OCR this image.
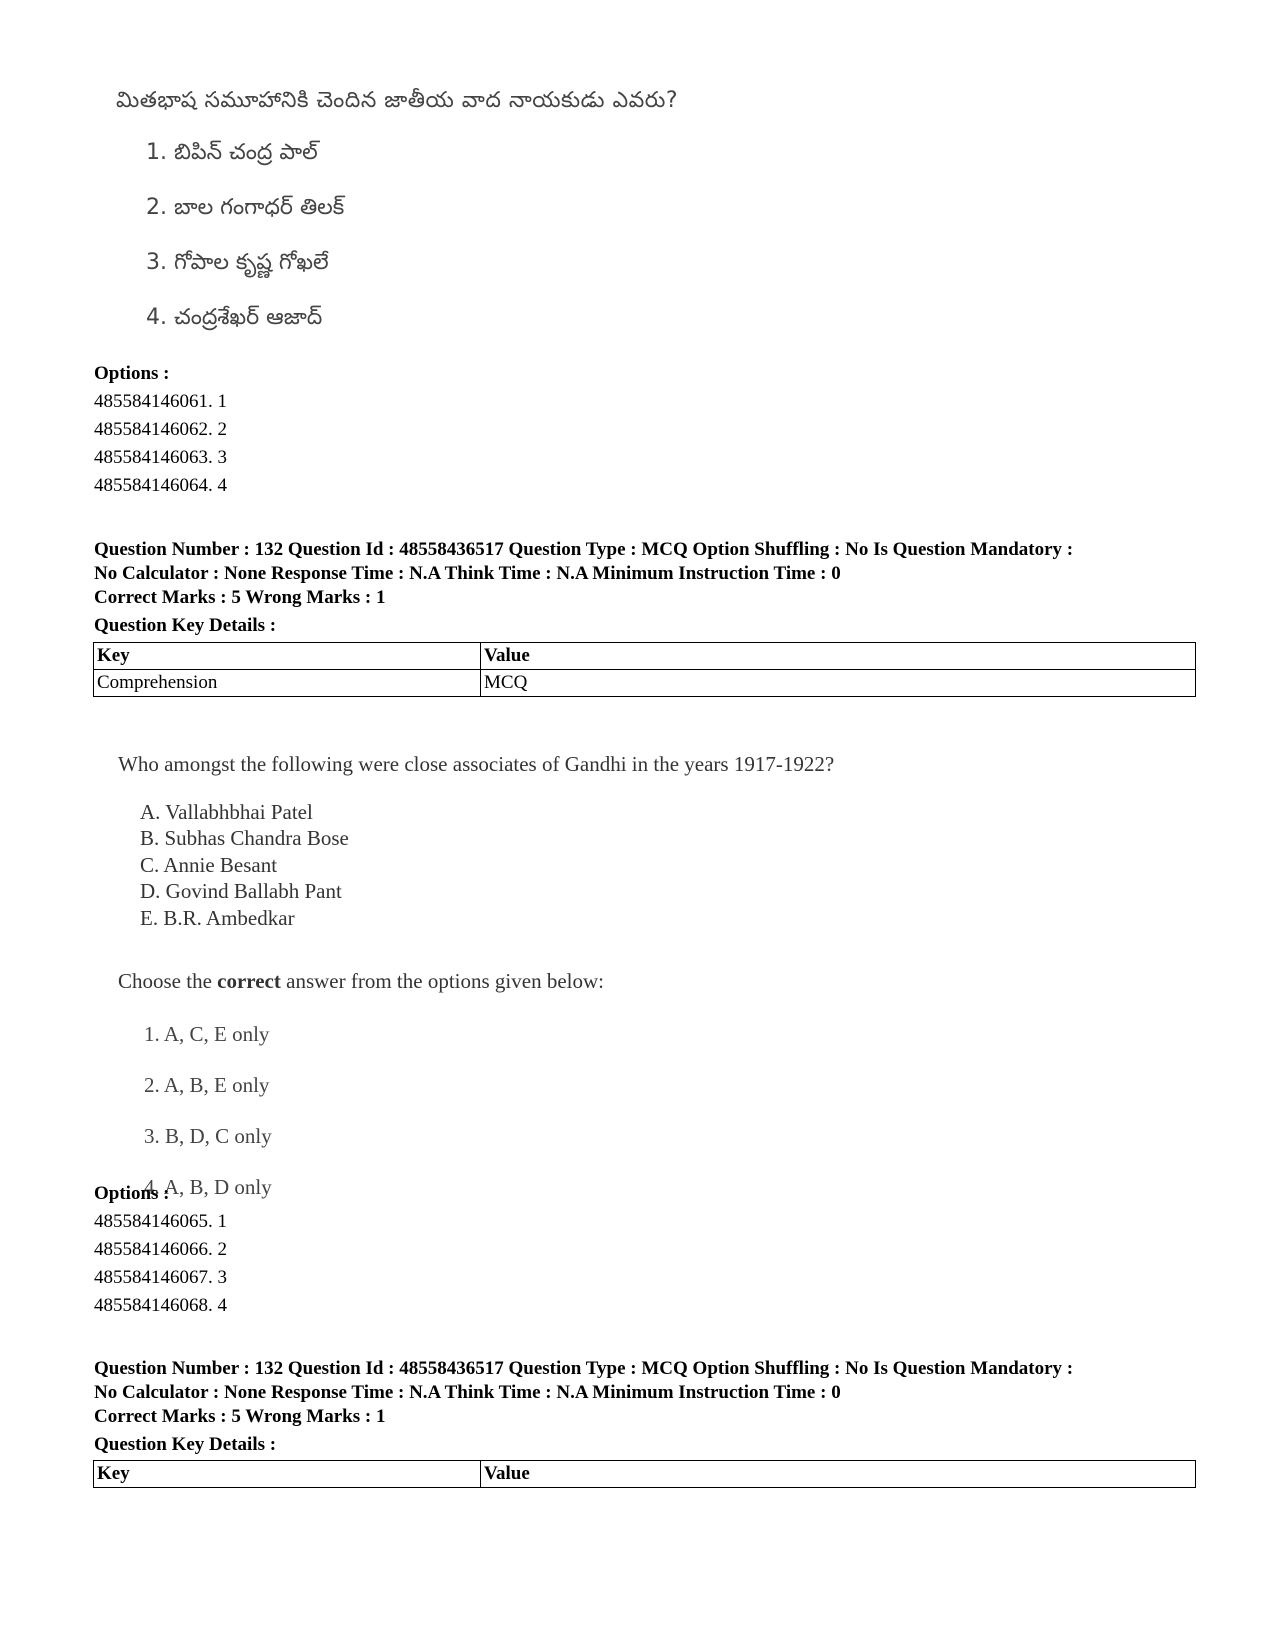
మితభాష సమూహానికి చెందిన జాతీయ వాద నాయకుడు ఎవరు?
1. బిపిన్ చంద్ర పాల్
2. బాల గంగాధర్ తిలక్
3. గోపాల కృష్ణ గోఖలే
4. చంద్రశేఖర్ ఆజాద్
Options :
485584146061. 1
485584146062. 2
485584146063. 3
485584146064. 4
Question Number : 132 Question Id : 48558436517 Question Type : MCQ Option Shuffling : No Is Question Mandatory :
No Calculator : None Response Time : N.A Think Time : N.A Minimum Instruction Time : 0
Correct Marks : 5 Wrong Marks : 1
Question Key Details :
Key	Value
Comprehension	MCQ
Who amongst the following were close associates of Gandhi in the years 1917-1922?
A. Vallabhbhai Patel
B. Subhas Chandra Bose
C. Annie Besant
D. Govind Ballabh Pant
E. B.R. Ambedkar
Choose the correct answer from the options given below:
1. A, C, E only
2. A, B, E only
3. B, D, C only
4. A, B, D only
Options :
485584146065. 1
485584146066. 2
485584146067. 3
485584146068. 4
Question Number : 132 Question Id : 48558436517 Question Type : MCQ Option Shuffling : No Is Question Mandatory :
No Calculator : None Response Time : N.A Think Time : N.A Minimum Instruction Time : 0
Correct Marks : 5 Wrong Marks : 1
Question Key Details :
Key	Value
